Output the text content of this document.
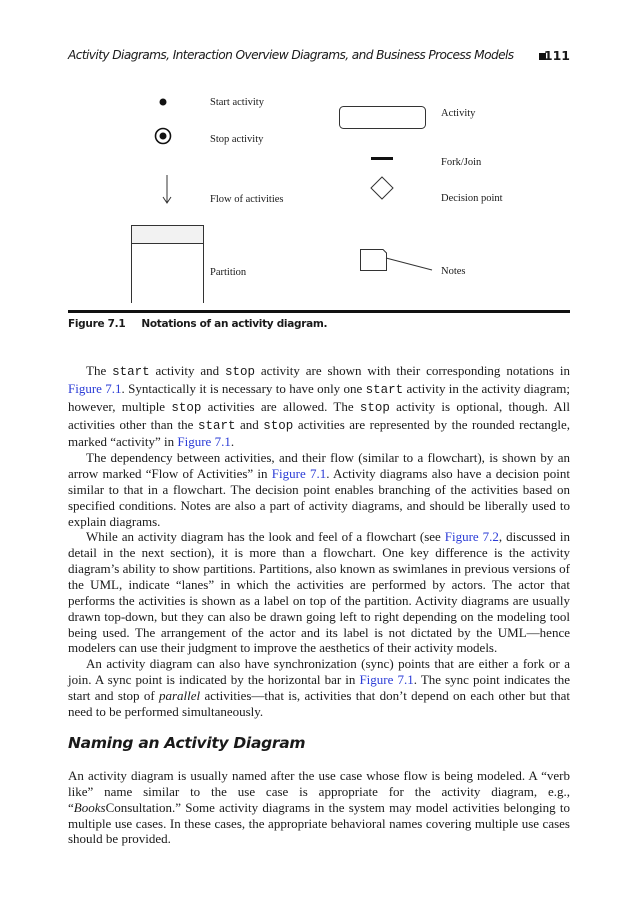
Activity Diagrams, Interaction Overview Diagrams, and Business Process Models	111
Start activity
Stop activity
Flow of activities
Partition
Activity
Fork/Join
Decision point
Notes
Figure 7.1 Notations of an activity diagram.

The start activity and stop activity are shown with their corresponding notations in Figure 7.1. Syntactically it is necessary to have only one start activity in the activity diagram; however, multiple stop activities are allowed. The stop activity is optional, though. All activities other than the start and stop activities are represented by the rounded rectangle, marked “activity” in Figure 7.1.

The dependency between activities, and their flow (similar to a flowchart), is shown by an arrow marked “Flow of Activities” in Figure 7.1. Activity diagrams also have a decision point similar to that in a flowchart. The decision point enables branching of the activities based on specified conditions. Notes are also a part of activity diagrams, and should be liberally used to explain diagrams.

While an activity diagram has the look and feel of a flowchart (see Figure 7.2, discussed in detail in the next section), it is more than a flowchart. One key difference is the activity diagram’s ability to show partitions. Partitions, also known as swimlanes in previous versions of the UML, indicate “lanes” in which the activities are performed by actors. The actor that performs the activities is shown as a label on top of the partition. Activity diagrams are usually drawn top-down, but they can also be drawn going left to right depending on the modeling tool being used. The arrangement of the actor and its label is not dictated by the UML—hence modelers can use their judgment to improve the aesthetics of their activity models.

An activity diagram can also have synchronization (sync) points that are either a fork or a join. A sync point is indicated by the horizontal bar in Figure 7.1. The sync point indicates the start and stop of parallel activities—that is, activities that don’t depend on each other but that need to be performed simultaneously.

Naming an Activity Diagram

An activity diagram is usually named after the use case whose flow is being modeled. A “verb like” name similar to the use case is appropriate for the activity diagram, e.g., “BooksConsultation.” Some activity diagrams in the system may model activities belonging to multiple use cases. In these cases, the appropriate behavioral names covering multiple use cases should be provided.
